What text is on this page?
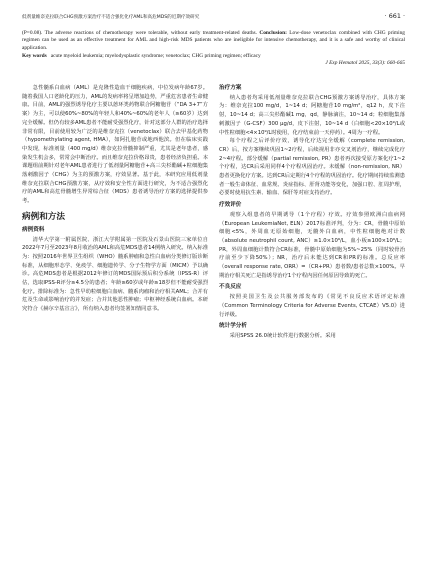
低剂量維奈克拉联合CHG预激方案治疗不适合强化化疗AML和高危MDS的近期疗效研究	· 661 ·
(P=0.08). The adverse reactions of chemotherapy were tolerable, without early treatment-related deaths. Conclusion: Low-dose venetoclax combined with CHG priming regimen can be used as an effective treatment for AML and high-risk MDS patients who are ineligible for intensive chemotherapy, and it is a safe and worthy of clinical application.
Key words acute myeloid leukemia; myelodysplastic syndrome; venetoclax; CHG priming regimen; efficacy
J Exp Hematol 2025, 33(3): 660-665

急性髓系白血病（AML）是克隆性造血干细胞疾病，中位发病年龄67岁。随着我国人口老龄化的压力，AML的发病率将呈增加趋势，严重危害患者生命健康。目前，AML的强烈诱导化疗主要以蒽环类药物联合阿糖胞苷（“DA 3+7”方案）为主，可以使60%~80%的年轻人和40%~60%的老年人（≥60岁）达到完全缓解。但仍有较多AML患者不能耐受强烈化疗，针对这部分人群的治疗选择非常有限，目前使用较为广泛的是维奈克拉（venetoclax）联合去甲基化药物（hypomethylating agent, HMA），如阿扎胞苷或地西他滨。但在临床实践中发现，标准剂量（400 mg/d）维奈克拉骨髓抑制严重，尤其是老年患者，感染发生机会多，常常会中断治疗。而且维奈克拉价格昂贵，患者经济负担重。本课题组前期针对老年AML患者进行了低剂量阿糖胞苷+高三尖杉酯碱+粒细胞集落刺激因子（CHG）为主的预激方案，疗效显著。基于此，本研究应用低剂量维奈克拉联合CHG预激方案，从疗效和安全性方面进行研究，为不适合强烈化疗的AML和高危骨髓增生异常综合征（MDS）患者诱导治疗方案的选择提供参考。

病例和方法
病例资料

清华大学第一附属医院、浙江大学附属第一医院及石景山医院三家单位自2022年7月至2023年8月收治的AML和高危MDS患者14例纳入研究。纳入标准为：按照2016年世界卫生组织（WHO）髓系肿瘤和急性白血病分类修订版诊断标准，从细胞形态学、免疫学、细胞遗传学、分子生物学方面（MICM）予以确诊。高危MDS患者是根据2012年修订的MDS国际预后积分系统（IPSS-R）评估，选取IPSS-R评分≥4.5分的患者；年龄≥60岁或年龄≥18岁但不能耐受强烈化疗。排除标准为：急性早幼粒细胞白血病、髓系肉瘤和治疗相关AML；合并有危及生命或影响治疗的并发症；合并其他恶性肿瘤；中枢神经系统白血病。本研究符合《赫尔辛基宣言》，所有纳入患者均签署知情同意书。

治疗方案

纳入患者均采用低剂量维奈克拉联合CHG预激方案诱导治疗，具体方案为：维奈克拉100 mg/d，1~14 d；阿糖胞苷10 mg/m²，q12 h，皮下注射，10~14 d；高三尖杉酯碱1 mg，qd，静脉滴注，10~14 d；粒细胞集落刺激因子（G-CSF）300 μg/d，皮下注射，10~14 d（白细胞<20×10⁹/L或中性粒细胞<4×10⁹/L时使用，化疗结束前一天停药）。4周为一疗程。

每个疗程之后评价疗效，诱导化疗达完全缓解（complete remission, CR）后，按方案继续巩固1~2疗程，后续视用非亦交叉剂治疗，继续完成化疗2~4疗程。部分缓解（partial remission, PR）患者再次接受原方案化疗1~2个疗程，达CR后采用同样4个疗程巩固治疗。未缓解（non-remission, NR）患者更换化疗方案。达到CR后定期行4个疗程的巩固治疗。化疗期间持续监测患者一般生命体征、血常规、炎症指标、肝肾功能等变化，加强口腔、肛周护理，必要时使用抗生素、输血、保肝等对症支持治疗。

疗效评价

观察入组患者的早期诱导（1个疗程）疗效。疗效参照欧洲白血病网（European LeukemiaNet, ELN）2017标准评判，分为：CR，骨髓中原始细胞<5%，外周血无原始细胞，无髓外白血病，中性粒细胞绝对计数（absolute neutrophil count, ANC）≥1.0×10⁹/L，血小板≥100×10⁹/L；PR，外周血细胞计数符合CR标准，骨髓中原始细胞为5%~25%（同时较骨治疗前至少下降50%）；NR，治疗后未能达到CR和PR的标准。总反应率（overall response rate, ORR）=（CR+PR）患者数/患者总数×100%。早期治疗相关死亡是指诱导治疗1个疗程内因任何原因导致的死亡。

不良反应

按照美国卫生及公共服务部发布的《常见不良反应术语评定标准（Common Terminology Criteria for Adverse Events, CTCAE）V5.0》进行评级。

统计学分析

采用SPSS 26.0统计软件进行数据分析。采用
